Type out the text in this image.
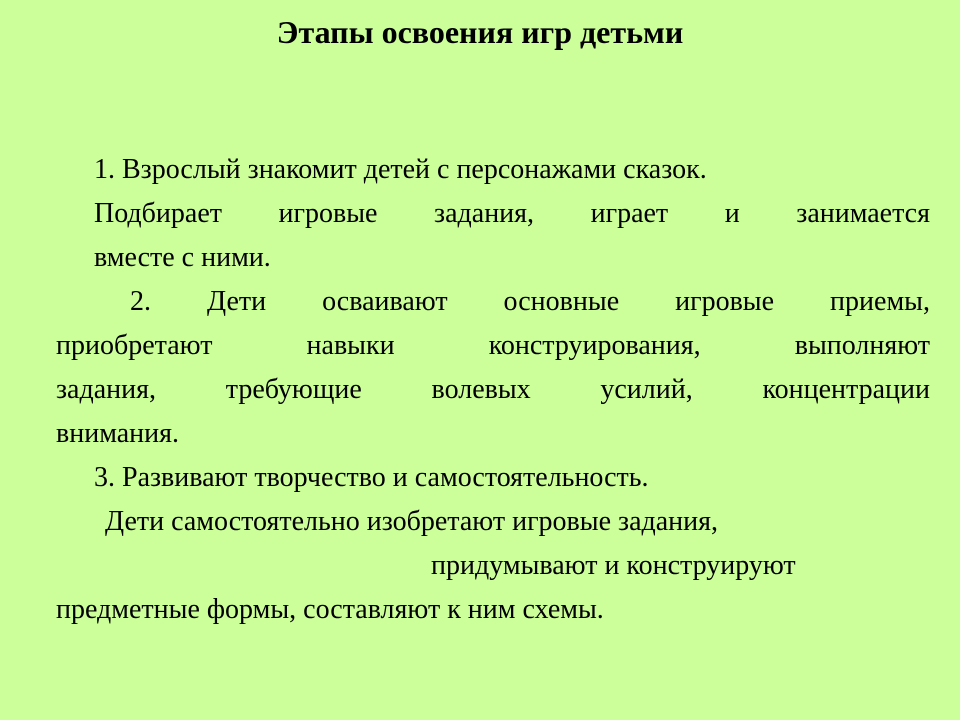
Этапы освоения игр детьми

1. Взрослый знакомит детей с персонажами сказок.
Подбирает игровые задания, играет и занимается
вместе с ними.

2. Дети осваивают основные игровые приемы,
приобретают навыки конструирования, выполняют
задания, требующие волевых усилий, концентрации
внимания.

3. Развивают творчество и самостоятельность.

Дети самостоятельно изобретают игровые задания,
придумывают и конструируют
предметные формы, составляют к ним схемы.
